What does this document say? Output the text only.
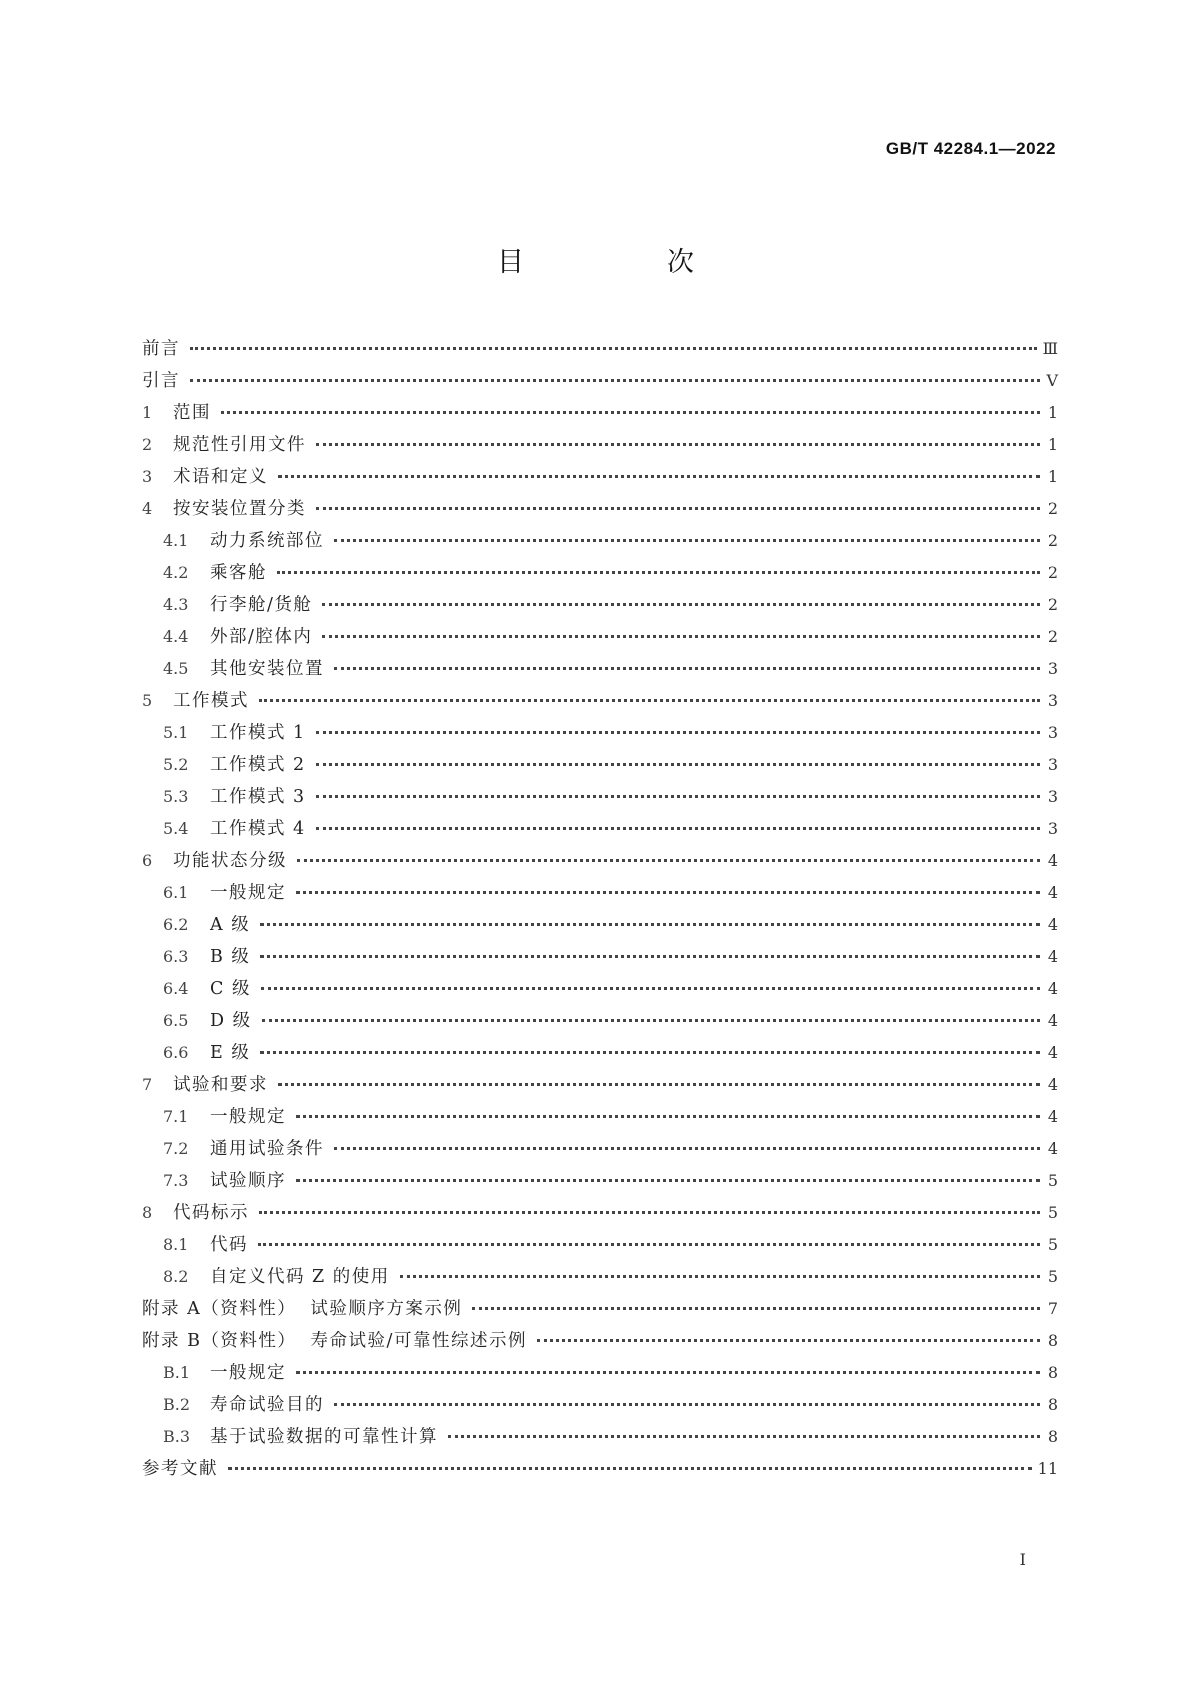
GB/T 42284.1—2022
目　次
前言	Ⅲ
引言	Ⅴ
1 范围	1
2 规范性引用文件	1
3 术语和定义	1
4 按安装位置分类	2
4.1	动力系统部位	2
4.2	乘客舱	2
4.3	行李舱/货舱	2
4.4	外部/腔体内	2
4.5	其他安装位置	3
5 工作模式	3
5.1	工作模式 1	3
5.2	工作模式 2	3
5.3	工作模式 3	3
5.4	工作模式 4	3
6 功能状态分级	4
6.1	一般规定	4
6.2	A 级	4
6.3	B 级	4
6.4	C 级	4
6.5	D 级	4
6.6	E 级	4
7 试验和要求	4
7.1	一般规定	4
7.2	通用试验条件	4
7.3	试验顺序	5
8 代码标示	5
8.1	代码	5
8.2	自定义代码 Z 的使用	5
附录 A（资料性）  试验顺序方案示例	7
附录 B（资料性）  寿命试验/可靠性综述示例	8
B.1 一般规定	8
B.2 寿命试验目的	8
B.3 基于试验数据的可靠性计算	8
参考文献	11
Ⅰ
